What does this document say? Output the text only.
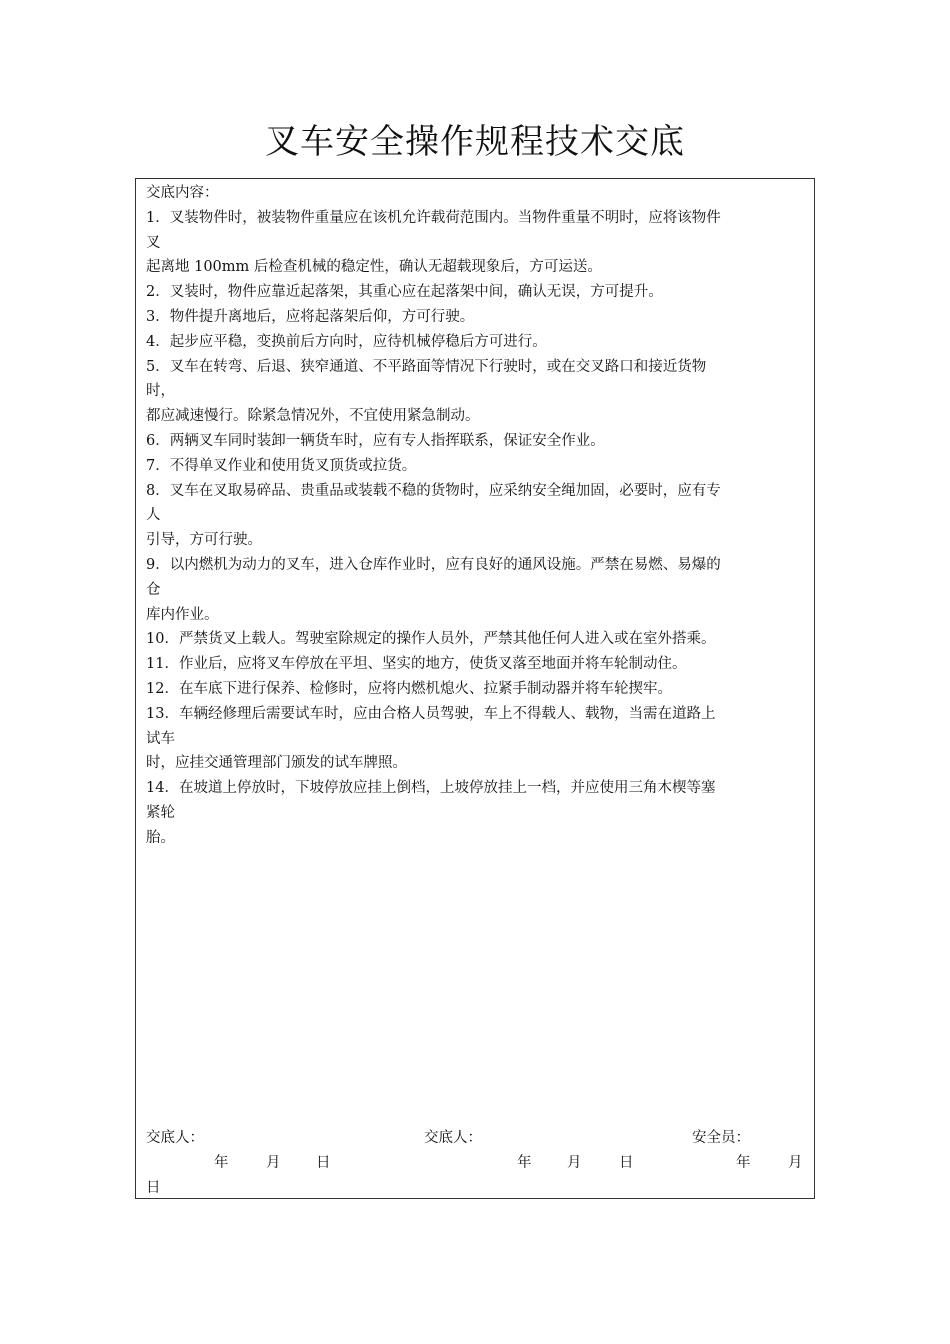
叉车安全操作规程技术交底
交底内容：
1．叉装物件时，被装物件重量应在该机允许载荷范围内。当物件重量不明时，应将该物件
叉
起离地 100mm 后检查机械的稳定性，确认无超载现象后，方可运送。
2．叉装时，物件应靠近起落架，其重心应在起落架中间，确认无误，方可提升。
3．物件提升离地后，应将起落架后仰，方可行驶。
4．起步应平稳，变换前后方向时，应待机械停稳后方可进行。
5．叉车在转弯、后退、狭窄通道、不平路面等情况下行驶时，或在交叉路口和接近货物
时，
都应减速慢行。除紧急情况外，不宜使用紧急制动。
6．两辆叉车同时装卸一辆货车时，应有专人指挥联系，保证安全作业。
7．不得单叉作业和使用货叉顶货或拉货。
8．叉车在叉取易碎品、贵重品或装载不稳的货物时，应采纳安全绳加固，必要时，应有专
人
引导，方可行驶。
9．以内燃机为动力的叉车，进入仓库作业时，应有良好的通风设施。严禁在易燃、易爆的
仓
库内作业。
10．严禁货叉上载人。驾驶室除规定的操作人员外，严禁其他任何人进入或在室外搭乘。
11．作业后，应将叉车停放在平坦、坚实的地方，使货叉落至地面并将车轮制动住。
12．在车底下进行保养、检修时，应将内燃机熄火、拉紧手制动器并将车轮揳牢。
13．车辆经修理后需要试车时，应由合格人员驾驶，车上不得载人、载物，当需在道路上
试车
时，应挂交通管理部门颁发的试车牌照。
14．在坡道上停放时，下坡停放应挂上倒档，上坡停放挂上一档，并应使用三角木楔等塞
紧轮
胎。
交底人：	交底人：	安全员：
年	月 日	年 月	日	年	月
日
